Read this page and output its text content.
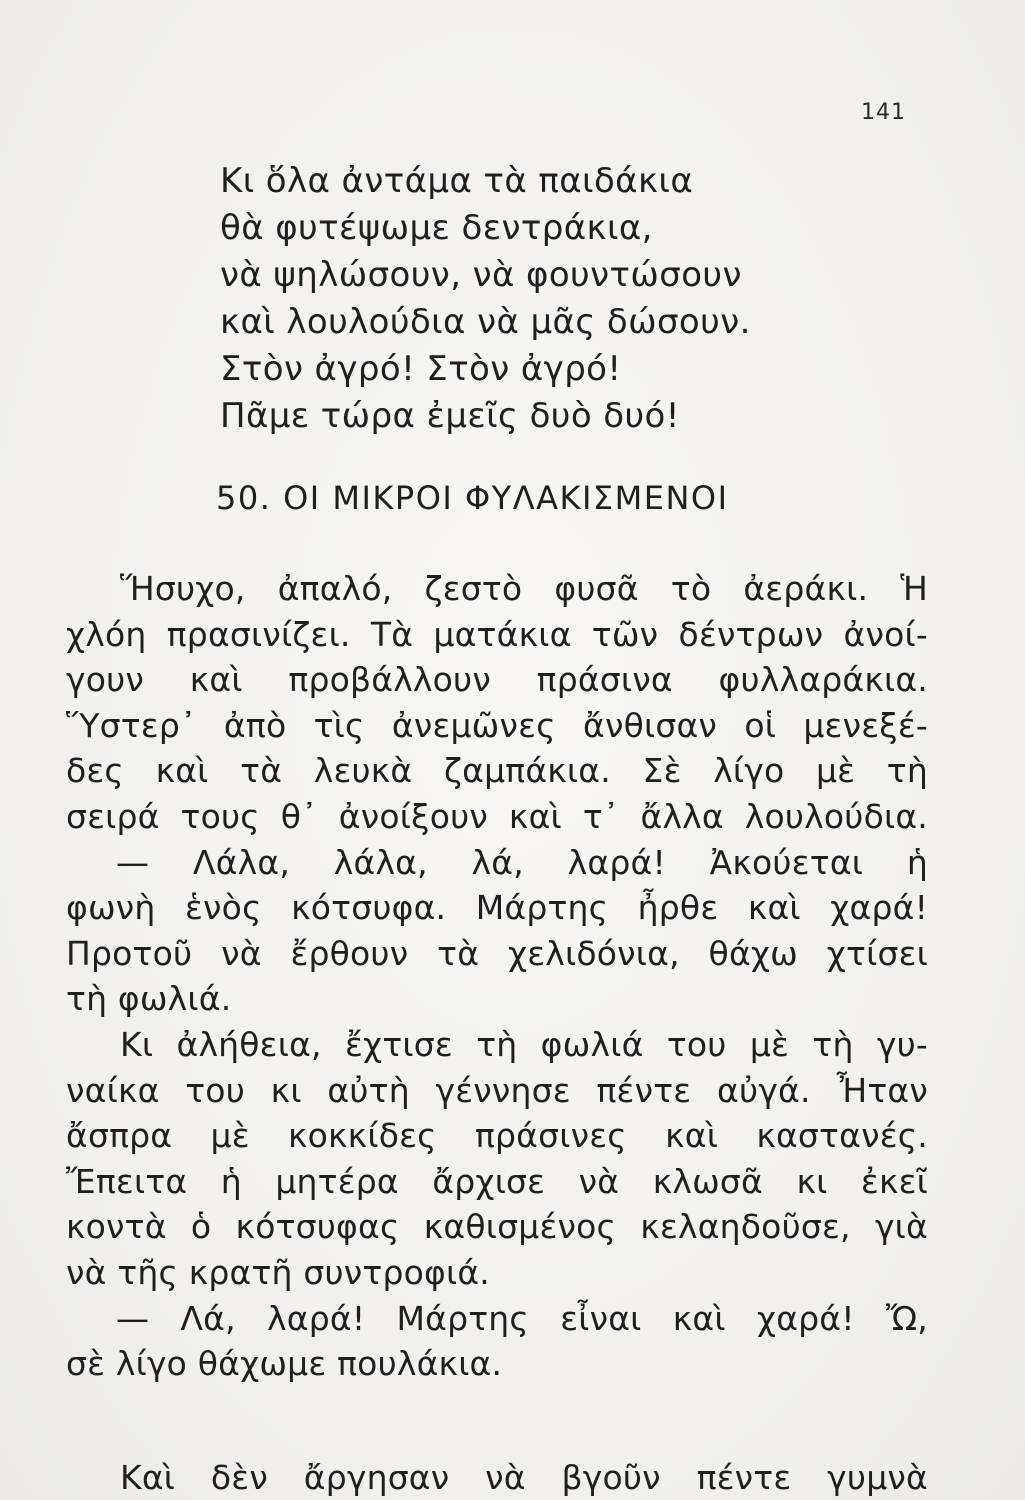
141
Κι ὅλα ἀντάμα τὰ παιδάκια
θὰ φυτέψωμε δεντράκια,
νὰ ψηλώσουν, νὰ φουντώσουν
καὶ λουλούδια νὰ μᾶς δώσουν.
Στὸν ἀγρό! Στὸν ἀγρό!
Πᾶμε τώρα ἐμεῖς δυὸ δυό!
50. ΟΙ ΜΙΚΡΟΙ ΦΥΛΑΚΙΣΜΕΝΟΙ
Ἥσυχο, ἀπαλό, ζεστὸ φυσᾶ τὸ ἀεράκι. Ἡ
χλόη πρασινίζει. Τὰ ματάκια τῶν δέντρων ἀνοί-
γουν καὶ προβάλλουν πράσινα φυλλαράκια.
Ὕστερ᾽ ἀπὸ τὶς ἀνεμῶνες ἄνθισαν οἱ μενεξέ-
δες καὶ τὰ λευκὰ ζαμπάκια. Σὲ λίγο μὲ τὴ
σειρά τους θ᾽ ἀνοίξουν καὶ τ᾽ ἄλλα λουλούδια.
— Λάλα, λάλα, λά, λαρά! Ἀκούεται ἡ
φωνὴ ἑνὸς κότσυφα. Μάρτης ἦρθε καὶ χαρά!
Προτοῦ νὰ ἔρθουν τὰ χελιδόνια, θάχω χτίσει
τὴ φωλιά.
Κι ἀλήθεια, ἔχτισε τὴ φωλιά του μὲ τὴ γυ-
ναίκα του κι αὐτὴ γέννησε πέντε αὐγά. Ἦταν
ἄσπρα μὲ κοκκίδες πράσινες καὶ καστανές.
Ἔπειτα ἡ μητέρα ἄρχισε νὰ κλωσᾶ κι ἐκεῖ
κοντὰ ὁ κότσυφας καθισμένος κελαηδοῦσε, γιὰ
νὰ τῆς κρατῆ συντροφιά.
— Λά, λαρά! Μάρτης εἶναι καὶ χαρά! Ὤ,
σὲ λίγο θάχωμε πουλάκια.
Καὶ δὲν ἄργησαν νὰ βγοῦν πέντε γυμνὰ
